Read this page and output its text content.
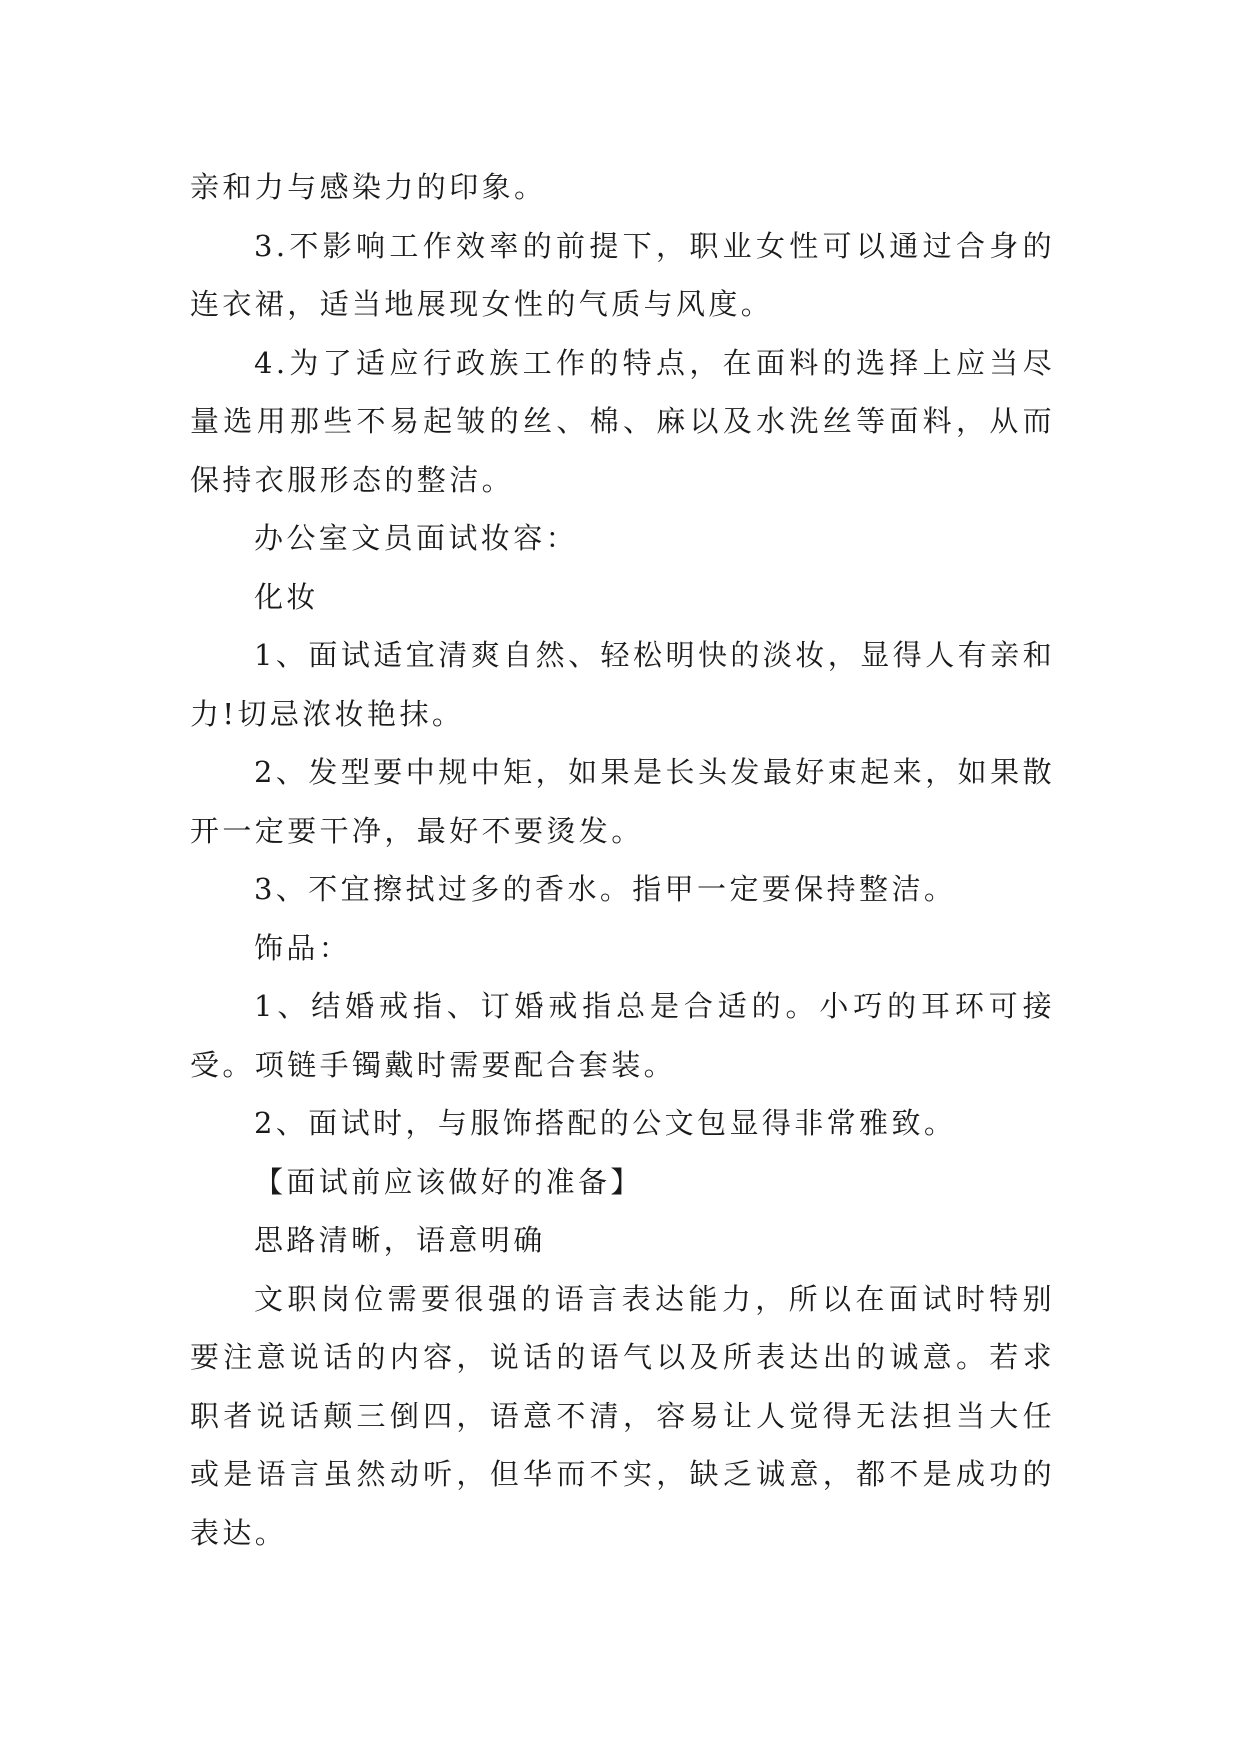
亲和力与感染力的印象。

3.不影响工作效率的前提下，职业女性可以通过合身的连衣裙，适当地展现女性的气质与风度。

4.为了适应行政族工作的特点，在面料的选择上应当尽量选用那些不易起皱的丝、棉、麻以及水洗丝等面料，从而保持衣服形态的整洁。

办公室文员面试妆容：

化妆

1、面试适宜清爽自然、轻松明快的淡妆，显得人有亲和力!切忌浓妆艳抹。

2、发型要中规中矩，如果是长头发最好束起来，如果散开一定要干净，最好不要烫发。

3、不宜擦拭过多的香水。指甲一定要保持整洁。

饰品：

1、结婚戒指、订婚戒指总是合适的。小巧的耳环可接受。项链手镯戴时需要配合套装。

2、面试时，与服饰搭配的公文包显得非常雅致。

【面试前应该做好的准备】

思路清晰，语意明确

文职岗位需要很强的语言表达能力，所以在面试时特别要注意说话的内容，说话的语气以及所表达出的诚意。若求职者说话颠三倒四，语意不清，容易让人觉得无法担当大任或是语言虽然动听，但华而不实，缺乏诚意，都不是成功的表达。
